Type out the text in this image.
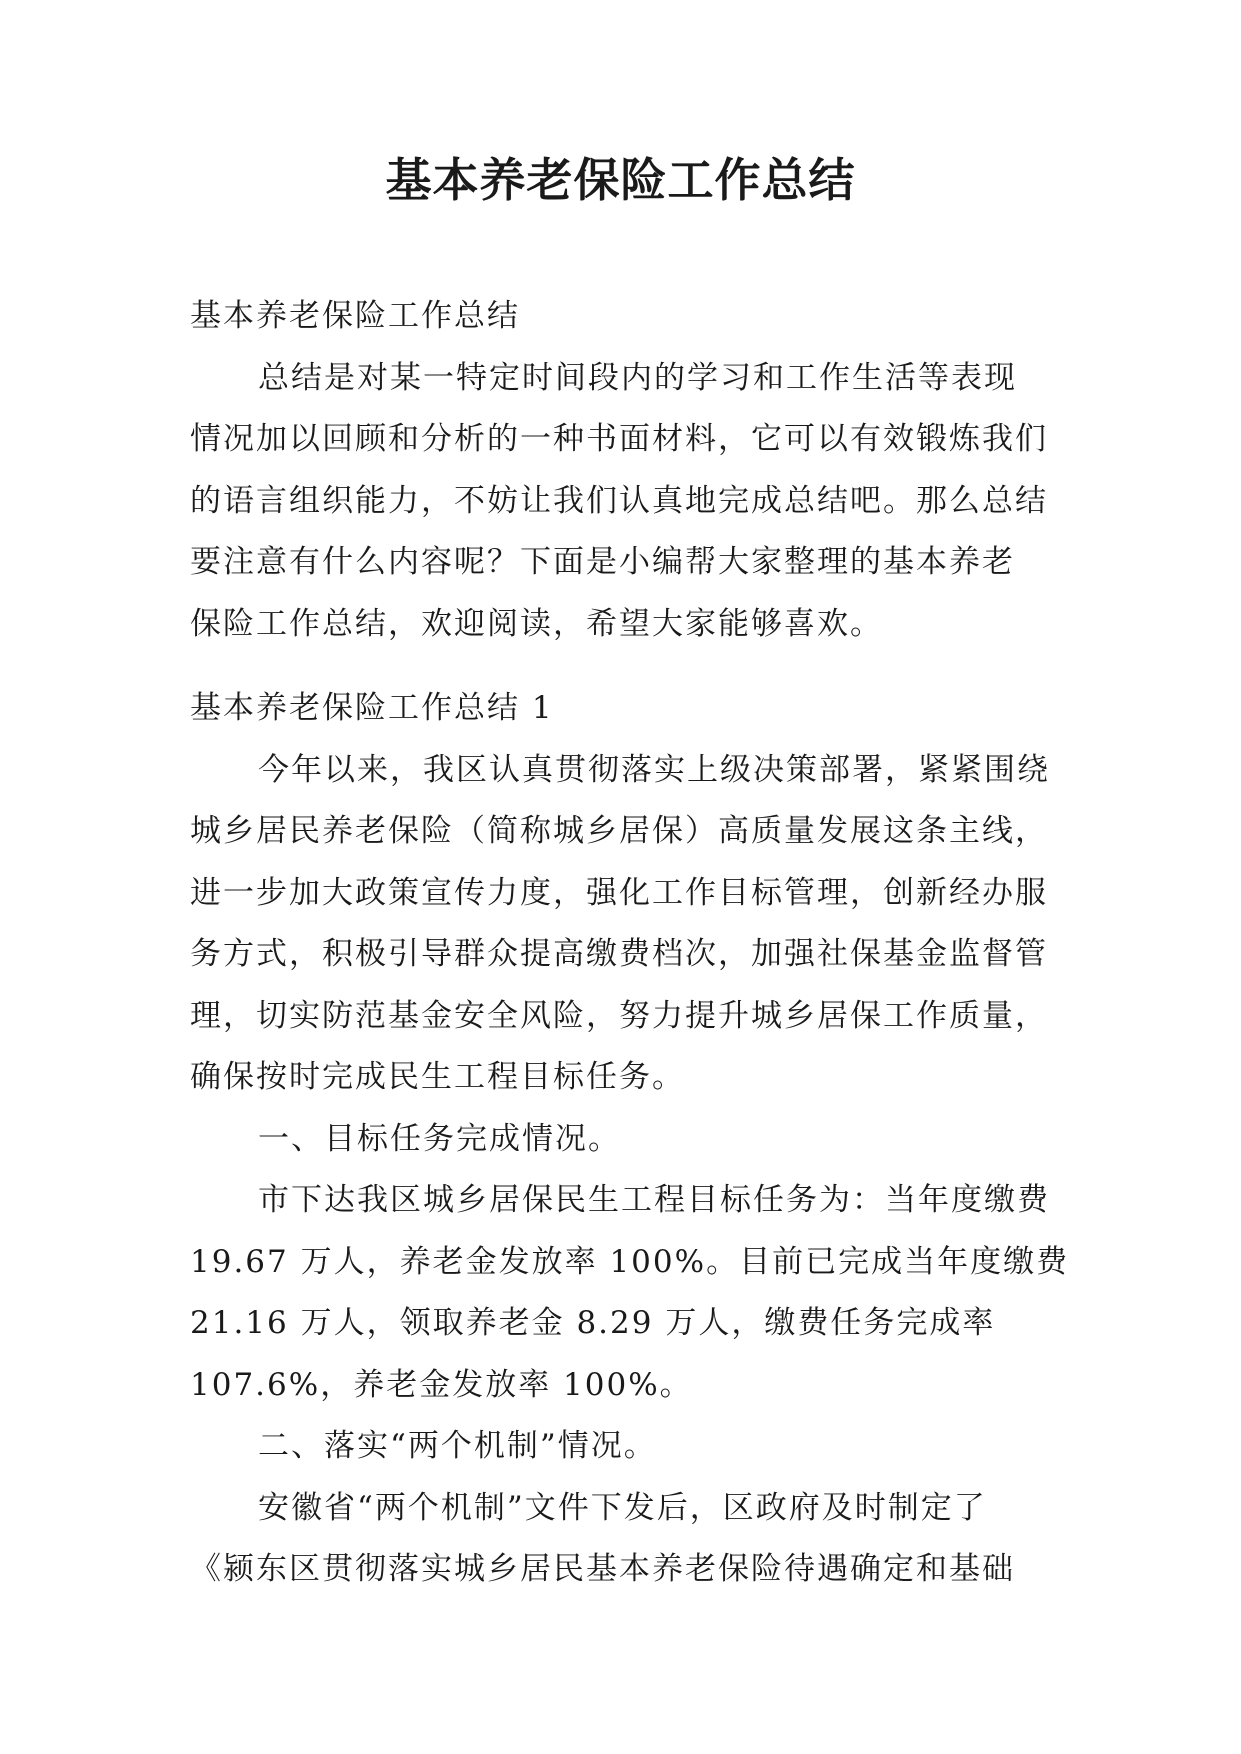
基本养老保险工作总结
基本养老保险工作总结
总结是对某一特定时间段内的学习和工作生活等表现
情况加以回顾和分析的一种书面材料，它可以有效锻炼我们
的语言组织能力，不妨让我们认真地完成总结吧。那么总结
要注意有什么内容呢？下面是小编帮大家整理的基本养老
保险工作总结，欢迎阅读，希望大家能够喜欢。
基本养老保险工作总结 1
今年以来，我区认真贯彻落实上级决策部署，紧紧围绕
城乡居民养老保险（简称城乡居保）高质量发展这条主线，
进一步加大政策宣传力度，强化工作目标管理，创新经办服
务方式，积极引导群众提高缴费档次，加强社保基金监督管
理，切实防范基金安全风险，努力提升城乡居保工作质量，
确保按时完成民生工程目标任务。
一、目标任务完成情况。
市下达我区城乡居保民生工程目标任务为：当年度缴费
19.67 万人，养老金发放率 100%。目前已完成当年度缴费
21.16 万人，领取养老金 8.29 万人，缴费任务完成率
107.6%，养老金发放率 100%。
二、落实“两个机制”情况。
安徽省“两个机制”文件下发后，区政府及时制定了
《颍东区贯彻落实城乡居民基本养老保险待遇确定和基础
